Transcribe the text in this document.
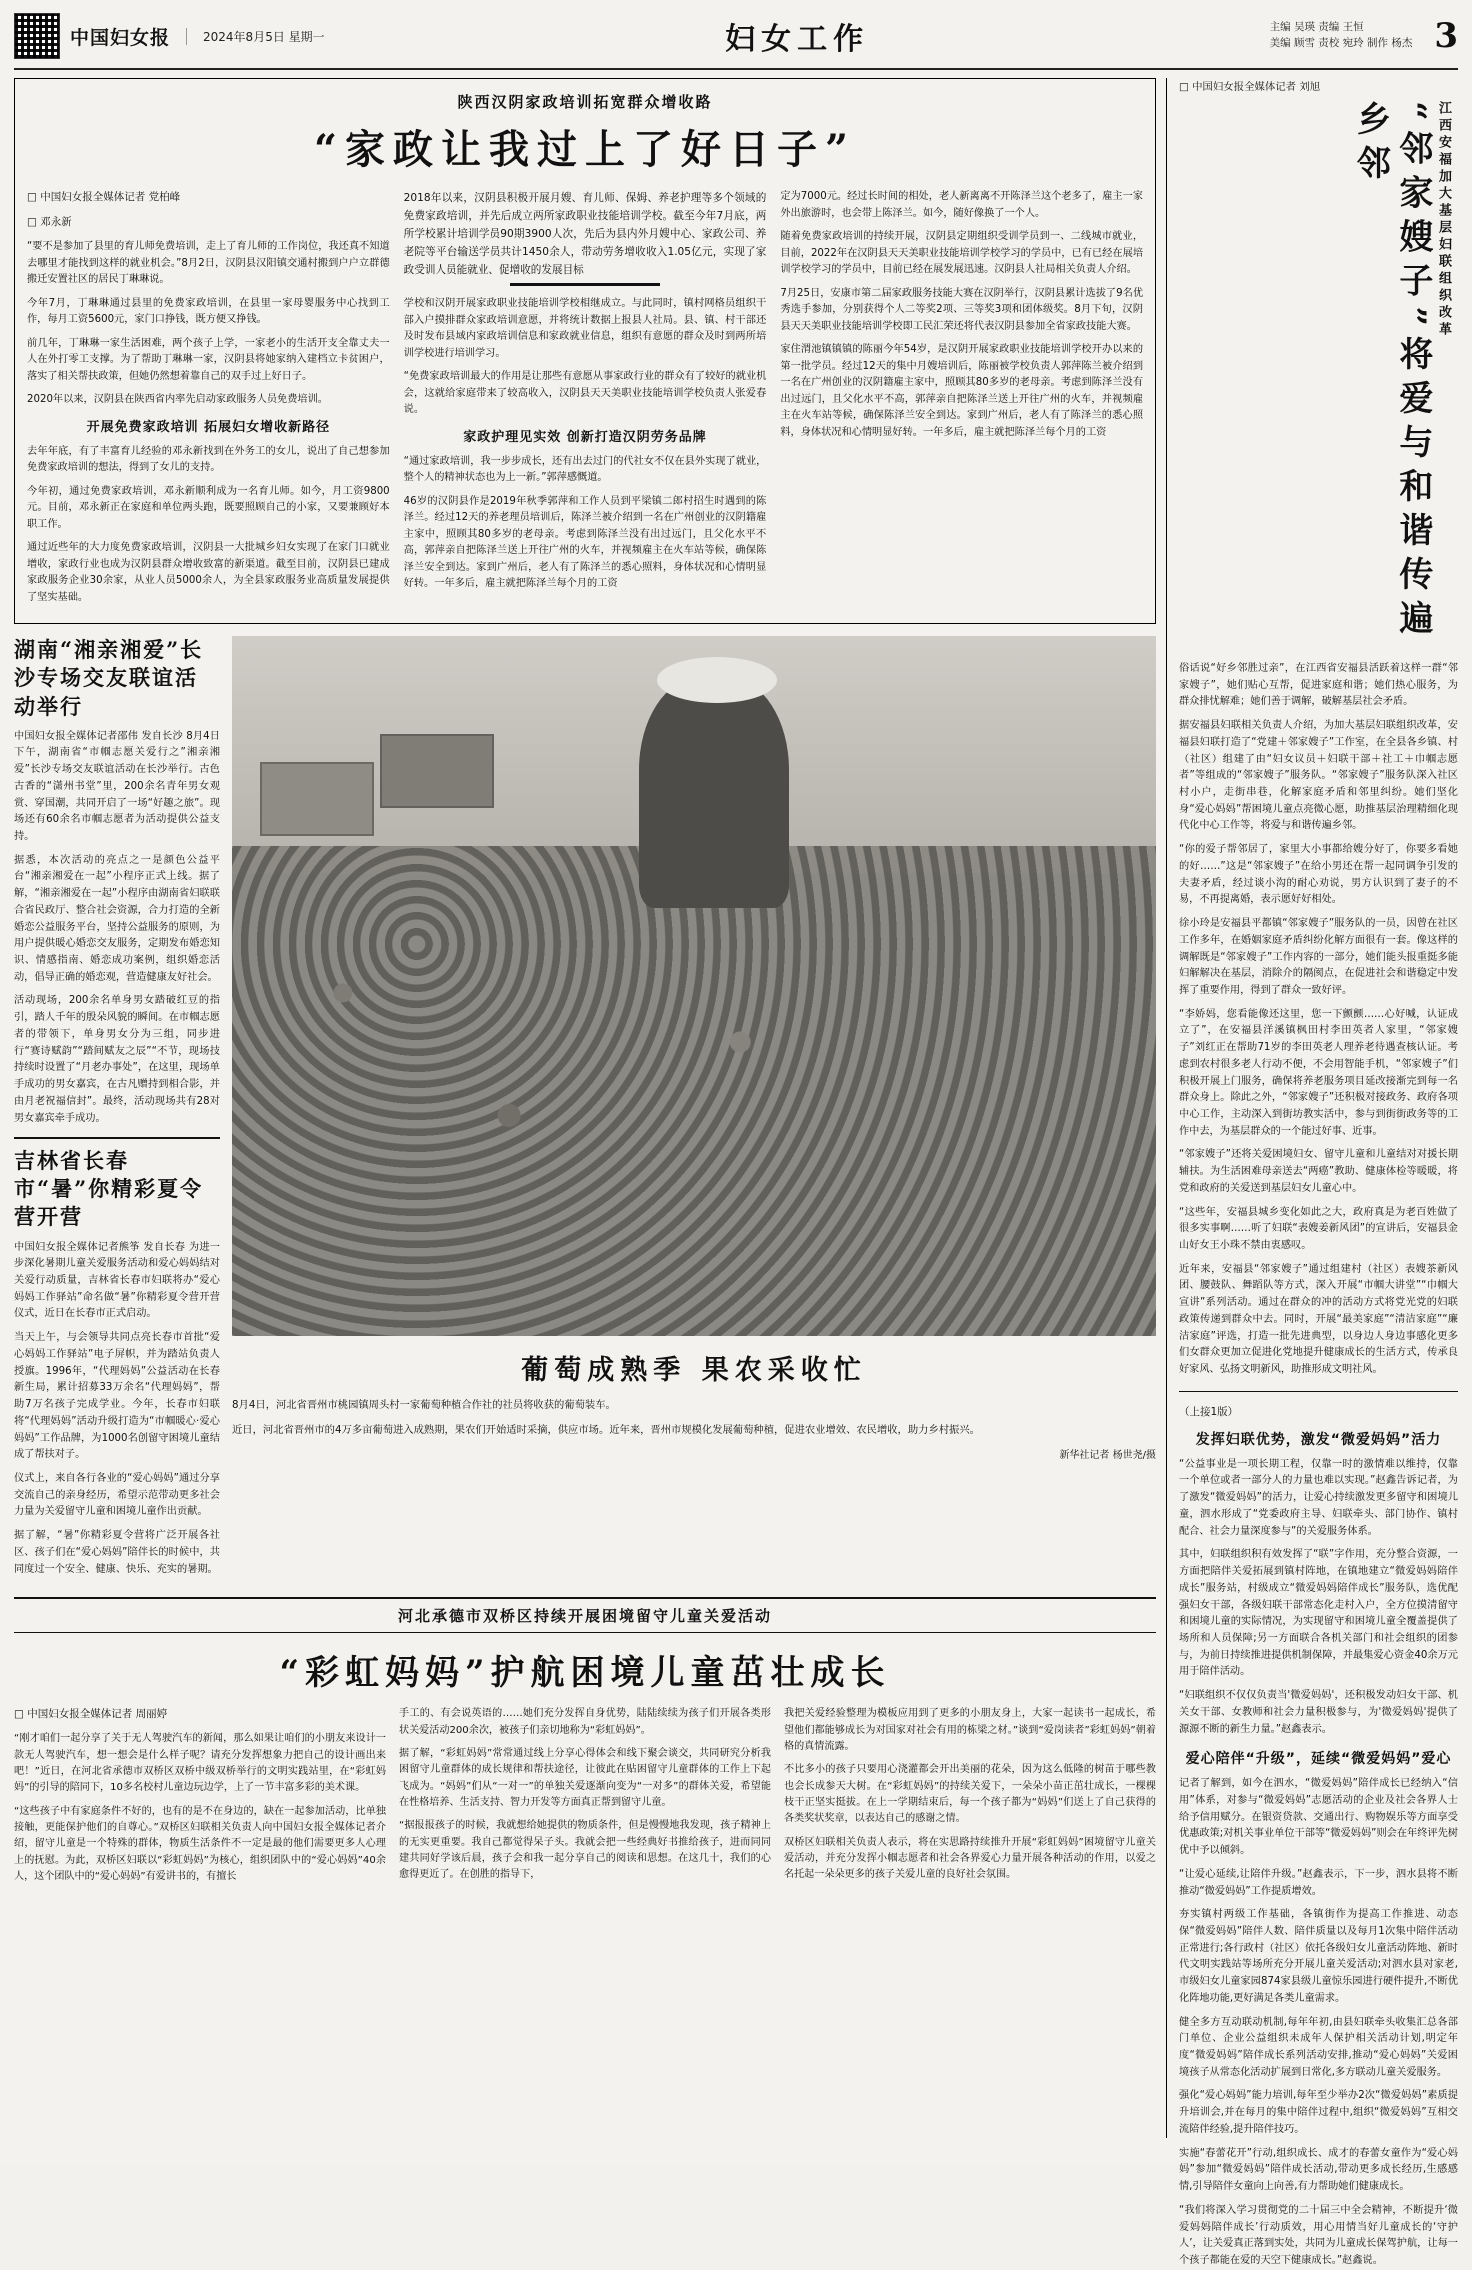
中国妇女报	2024年8月5日 星期一	妇女工作	主编 吴瑛 责编 王恒
美编 顾雪 责校 宛玲 制作 杨杰 3
陕西汉阴家政培训拓宽群众增收路
“家政让我过上了好日子”
□ 中国妇女报全媒体记者 党柏峰
□ 邓永新

“要不是参加了县里的育儿师免费培训，走上了育儿师的工作岗位，我还真不知道去哪里才能找到这样的就业机会。”8月2日，汉阴县汉阳镇交通村搬到户户立群德搬迁安置社区的居民丁琳琳说。

今年7月，丁琳琳通过县里的免费家政培训，在县里一家母婴服务中心找到工作，每月工资5600元，家门口挣钱，既方便又挣钱。

前几年，丁琳琳一家生活困难，两个孩子上学，一家老小的生活开支全靠丈夫一人在外打零工支撑。为了帮助丁琳琳一家，汉阴县将她家纳入建档立卡贫困户，落实了相关帮扶政策，但她仍然想着靠自己的双手过上好日子。

2020年以来，汉阴县在陕西省内率先启动家政服务人员免费培训。

开展免费家政培训 拓展妇女增收新路径

去年年底，有了丰富育儿经验的邓永新找到在外务工的女儿，说出了自己想参加免费家政培训的想法，得到了女儿的支持。

今年初，通过免费家政培训，邓永新顺利成为一名育儿师。如今，月工资9800元。目前，邓永新正在家庭和单位两头跑，既要照顾自己的小家，又要兼顾好本职工作。

通过近些年的大力度免费家政培训，汉阴县一大批城乡妇女实现了在家门口就业增收，家政行业也成为汉阴县群众增收致富的新渠道。截至目前，汉阴县已建成家政服务企业30余家，从业人员5000余人，为全县家政服务业高质量发展提供了坚实基础。

2018年以来，汉阴县积极开展月嫂、育儿师、保姆、养老护理等多个领域的免费家政培训，并先后成立两所家政职业技能培训学校。截至今年7月底，两所学校累计培训学员90期3900人次，先后为县内外月嫂中心、家政公司、养老院等平台输送学员共计1450余人，带动劳务增收收入1.05亿元，实现了家政受训人员能就业、促增收的发展目标

学校和汉阴开展家政职业技能培训学校相继成立。与此同时，镇村网格员组织干部入户摸排群众家政培训意愿，并将统计数据上报县人社局。县、镇、村干部还及时发布县域内家政培训信息和家政就业信息，组织有意愿的群众及时到两所培训学校进行培训学习。

“免费家政培训最大的作用是让那些有意愿从事家政行业的群众有了较好的就业机会，这就给家庭带来了较高收入，汉阴县天天美职业技能培训学校负责人张爱春说。

家政护理见实效 创新打造汉阴劳务品牌

“通过家政培训，我一步步成长，还有出去过门的代社女不仅在县外实现了就业，整个人的精神状态也为上一新。”郭萍感慨道。

46岁的汉阴县作是2019年秋季郭萍和工作人员到平梁镇二郎村招生时遇到的陈泽兰。经过12天的养老理员培训后，陈泽兰被介绍到一名在广州创业的汉阴籍雇主家中，照顾其80多岁的老母亲。考虑到陈泽兰没有出过远门，且父化水平不高，郭萍亲自把陈泽兰送上开往广州的火车，并视频雇主在火车站等候，确保陈泽兰安全到达。家到广州后，老人有了陈泽兰的悉心照料，身体状况和心情明显好转。一年多后，雇主就把陈泽兰每个月的工资

定为7000元。经过长时间的相处，老人新离离不开陈泽兰这个老多了，雇主一家外出旅游时，也会带上陈泽兰。如今，随好像换了一个人。

随着免费家政培训的持续开展，汉阴县定期组织受训学员到一、二线城市就业，目前，2022年在汉阴县天天美职业技能培训学校学习的学员中，已有已经在展培训学校学习的学员中，目前已经在展发展迅速。汉阴县人社局相关负责人介绍。

7月25日，安康市第二届家政服务技能大赛在汉阴举行，汉阴县累计选拔了9名优秀选手参加，分别获得个人二等奖2项、三等奖3项和团体级奖。8月下旬，汉阴县天天美职业技能培训学校即工民汇荣还将代表汉阴县参加全省家政技能大赛。

家住渭池镇镇镇的陈丽今年54岁，是汉阴开展家政职业技能培训学校开办以来的第一批学员。经过12天的集中月嫂培训后，陈丽被学校负责人郭萍陈兰被介绍到一名在广州创业的汉阴籍雇主家中，照顾其80多岁的老母亲。考虑到陈泽兰没有出过远门，且父化水平不高，郭萍亲自把陈泽兰送上开往广州的火车，并视频雇主在火车站等候，确保陈泽兰安全到达。家到广州后，老人有了陈泽兰的悉心照料，身体状况和心情明显好转。一年多后，雇主就把陈泽兰每个月的工资

湖南“湘亲湘爱”长沙专场交友联谊活动举行

中国妇女报全媒体记者邵伟 发自长沙 8月4日下午，湖南省“市帼志愿关爱行之”湘亲湘爱”长沙专场交友联谊活动在长沙举行。古色古香的“潇州书堂”里，200余名青年男女观赏、穿国潮，共同开启了一场“好趣之旅”。现场还有60余名市帼志愿者为活动提供公益支持。

据悉，本次活动的亮点之一是颜色公益平台“湘亲湘爱在一起”小程序正式上线。据了解，“湘亲湘爱在一起”小程序由湖南省妇联联合省民政厅、整合社会资源，合力打造的全新婚恋公益服务平台，坚持公益服务的原则，为用户提供暖心婚恋交友服务，定期发布婚恋知识、情感指南、婚恋成功案例，组织婚恋活动，倡导正确的婚恋观，营造健康友好社会。

活动现场，200余名单身男女踏破红豆的指引，踏人千年的殷朵风貌的瞬间。在市帼志愿者的带领下，单身男女分为三组，同步进行“赛诗赋韵”“踏间赋友之辰”“不节，现场技持续时设置了“月老办事处”，在这里，现场单手成功的男女嘉宾，在古凡赠持到相合影，并由月老祝福信封”。最终，活动现场共有28对男女嘉宾牵手成功。

吉林省长春市“暑”你精彩夏令营开营

中国妇女报全媒体记者熊筝 发自长春 为进一步深化暑期儿童关爱服务活动和爱心妈妈结对关爱行动质量，吉林省长春市妇联将办“爱心妈妈工作驿站”命名做“暑”你精彩夏令营开营仪式，近日在长春市正式启动。

当天上午，与会领导共同点亮长春市首批“爱心妈妈工作驿站”电子屏帜，并为踏站负责人授旗。1996年，“代理妈妈”公益活动在长春新生局，累计招募33万余名“代理妈妈”，帮助7万名孩子完成学业。今年，长春市妇联将“代理妈妈”活动升级打造为“市帼暖心·爱心妈妈”工作品牌，为1000名创留守困境儿童结成了帮扶对子。

仪式上，来自各行各业的“爱心妈妈”通过分享交流自己的亲身经历，希望示范带动更多社会力量为关爱留守儿童和困境儿童作出贡献。

据了解，“暑”你精彩夏令营将广泛开展各社区、孩子们在“爱心妈妈”陪伴长的时候中，共同度过一个安全、健康、快乐、充实的暑期。

葡萄成熟季 果农采收忙

8月4日，河北省晋州市桃园镇周头村一家葡萄种植合作社的社员将收获的葡萄装车。

近日，河北省晋州市的4万多亩葡萄进入成熟期，果农们开始适时采摘，供应市场。近年来，晋州市规模化发展葡萄种植，促进农业增效、农民增收，助力乡村振兴。

新华社记者 杨世尧/摄
河北承德市双桥区持续开展困境留守儿童关爱活动
“彩虹妈妈”护航困境儿童茁壮成长
□ 中国妇女报全媒体记者 周丽婷

“刚才咱们一起分享了关于无人驾驶汽车的新闻，那么如果让咱们的小朋友来设计一款无人驾驶汽车，想一想会是什么样子呢？请充分发挥想象力把自己的设计画出来吧！”近日，在河北省承德市双桥区双桥中级双桥举行的文明实践站里，在“彩虹妈妈”的引导的陪同下，10多名校村儿童边玩边学，上了一节丰富多彩的美术课。

“这些孩子中有家庭条件不好的，也有的是不在身边的，缺在一起参加活动，比单独接触，更能保护他们的自尊心。”双桥区妇联相关负责人向中国妇女报全媒体记者介绍，留守儿童是一个特殊的群体，物质生活条件不一定是最的他们需要更多人心理上的抚慰。为此，双桥区妇联以“彩虹妈妈”为核心，组织团队中的“爱心妈妈”40余人，这个团队中的“爱心妈妈”有爱讲书的，有擅长

手工的、有会说英语的……她们充分发挥自身优势，陆陆续续为孩子们开展各类形状关爱活动200余次，被孩子们亲切地称为“彩虹妈妈”。

据了解，“彩虹妈妈”常常通过线上分享心得体会和线下聚会谈交，共同研究分析我困留守儿童群体的成长规律和帮扶途径，让彼此在贴困留守儿童群体的工作上下起飞成为。“妈妈”们从“一对一”的单独关爱逐渐向变为“一对多”的群体关爱，希望能在性格培养、生活支持、智力开发等方面真正帮到留守儿童。

“据报报孩子的时候，我就想给她提供的物质条件，但是慢慢地我发现，孩子精神上的无实更重要。我自己都觉得呆子头。我就会把一些经典好书推给孩子，进而同同建共同好学该后晨，孩子会和我一起分享自己的阅读和思想。在这几十，我们的心愈得更近了。在创胜的指导下，

我把关爱经验整理为模板应用到了更多的小朋友身上，大家一起读书一起成长，希望他们都能够成长为对国家对社会有用的栋梁之材。”谈到“爱岗读者”彩虹妈妈”朝着格的真情流露。

不比多小的孩子只要用心浇灌都会开出美丽的花朵，因为这么低隆的树苗于哪些教也会长成参天大树。在“彩虹妈妈”的持续关爱下，一朵朵小苗正茁壮成长，一棵棵枝干正坚实挺拔。在上一学期结束后，每一个孩子都为“妈妈”们送上了自己获得的各类奖状奖章，以表达自己的感谢之情。

双桥区妇联相关负责人表示，将在实思路持续推升开展“彩虹妈妈”困境留守儿童关爱活动，并充分发挥小帼志愿者和社会各界爱心力量开展各种活动的作用，以爱之名托起一朵朵更多的孩子关爱儿童的良好社会氛围。

□ 中国妇女报全媒体记者 刘旭
“邻家嫂子”将爱与和谐传遍乡邻	江西安福加大基层妇联组织改革

俗话说“好乡邻胜过亲”，在江西省安福县活跃着这样一群“邻家嫂子”，她们贴心互帮，促进家庭和谐；她们热心服务，为群众排忧解难；她们善于调解，破解基层社会矛盾。

据安福县妇联相关负责人介绍，为加大基层妇联组织改革，安福县妇联打造了“党建＋邻家嫂子”工作室，在全县各乡镇、村（社区）组建了由“妇女议员＋妇联干部＋社工＋巾帼志愿者”等组成的“邻家嫂子”服务队。“邻家嫂子”服务队深入社区村小户，走街串巷，化解家庭矛盾和邻里纠纷。她们坚化身“爱心妈妈”帮困境儿童点亮微心愿，助推基层治理精细化现代化中心工作等，将爱与和谐传遍乡邻。

“你的爱子帮邻居了，家里大小事都给嫂分好了，你要多看她的好……”这是“邻家嫂子”在给小男还在帮一起同调争引发的夫妻矛盾，经过谈小沟的耐心劝说，男方认识到了妻子的不易，不再提离婚，表示愿好好相处。

徐小玲是安福县平都镇“邻家嫂子”服务队的一员，因曾在社区工作多年，在婚姻家庭矛盾纠纷化解方面很有一套。像这样的调解既是“邻家嫂子”工作内容的一部分，她们能头报重挺多能妇解解决在基层，消除介的隔阂点，在促进社会和谐稳定中发挥了重要作用，得到了群众一致好评。

“李娇妈，您看能像还这里，您一下颤颤……心好喊，认证成立了”，在安福县洋溪镇枫田村李田英者人家里，“邻家嫂子”刘红正在帮助71岁的李田英老人理养老待遇查核认证。考虑到农村很多老人行动不便，不会用智能手机，“邻家嫂子”们积极开展上门服务，确保将养老服务项目延改接渐完到每一名群众身上。除此之外，“邻家嫂子”还积极对接政务、政府各项中心工作，主动深入到街坊教实活中，参与到街街政务等的工作中去，为基层群众的一个能过好事、近事。

“邻家嫂子”还将关爱困境妇女、留守儿童和儿童结对对援长期辅扶。为生活困难母亲送去“两癌”教助、健康体检等暖暖，将党和政府的关爱送到基层妇女儿童心中。

“这些年，安福县城乡变化如此之大，政府真是为老百姓做了很多实事啊……听了妇联“表嫂姜新风团”的宣讲后，安福县金山好女王小珠不禁由衷感叹。

近年来，安福县“邻家嫂子”通过组建村（社区）表嫂茶新风团、腰鼓队、舞蹈队等方式，深入开展“市帼大讲堂”“巾帼大宣讲”系列活动。通过在群众的冲的活动方式将党光党的妇联政策传递到群众中去。同时，开展“最美家庭”“清洁家庭”“廉洁家庭”评选，打造一批先进典型，以身边人身边事感化更多们女群众更加立促进化党地提升健康成长的生活方式，传承良好家风、弘扬文明新风，助推形成文明社风。

（上接1版）
发挥妇联优势，激发“微爱妈妈”活力

“公益事业是一项长期工程，仅靠一时的激情难以维持，仅靠一个单位或者一部分人的力量也难以实现。”赵鑫告诉记者，为了激发“微爱妈妈”的活力，让爱心持续激发更多留守和困境儿童，泗水形成了“党委政府主导、妇联牵头、部门协作、镇村配合、社会力量深度参与”的关爱服务体系。

其中，妇联组织积有效发挥了“联”字作用，充分整合资源，一方面把陪伴关爱拓展到镇村阵地，在镇地建立“微爱妈妈陪伴成长”服务站，村级成立“微爱妈妈陪伴成长”服务队，选优配强妇女干部，各级妇联干部常态化走村入户，全方位摸清留守和困境儿童的实际情况，为实现留守和困境儿童全覆盖提供了场所和人员保障;另一方面联合各机关部门和社会组织的团参与，为前日持续推进提供机制保障，并最集爱心资金40余万元用于陪伴活动。

“妇联组织不仅仅负责当'微爱妈妈'，还积极发动妇女干部、机关女干部、女教师和社会力量积极参与，为'微爱妈妈'提供了源源不断的新生力量。”赵鑫表示。

爱心陪伴“升级”，延续“微爱妈妈”爱心

记者了解到，如今在泗水，“微爱妈妈”陪伴成长已经纳入“信用”体系，对参与“微爱妈妈”志愿活动的企业及社会各界人士给予信用赋分。在银资贷款、交通出行、购物娱乐等方面享受优惠政策;对机关事业单位干部等“微爱妈妈”则会在年终评先树优中予以倾斜。

“让爱心延续,让陪伴升级。”赵鑫表示，下一步，泗水县将不断推动“微爱妈妈”工作提质增效。

夯实镇村两级工作基础，各镇街作为提高工作推进、动态保“微爱妈妈”陪伴人数、陪伴质量以及每月1次集中陪伴活动正常进行;各行政村（社区）依托各级妇女儿童活动阵地、新时代文明实践站等场所充分开展儿童关爱活动;对泗水县对家老,市级妇女儿童家园874家县级儿童惊乐园进行硬件提升,不断优化阵地功能,更好满足各类儿童需求。

健全多方互动联动机制,每年年初,由县妇联牵头收集汇总各部门单位、企业公益组织未成年人保护相关活动计划,明定年度“微爱妈妈”陪伴成长系列活动安排,推动“爱心妈妈”关爱困境孩子从常态化活动扩展到日常化,多方联动儿童关爱服务。

强化“爱心妈妈”能力培训,每年至少举办2次“微爱妈妈”素质提升培训会,并在每月的集中陪伴过程中,组织“微爱妈妈”互相交流陪伴经验,提升陪伴技巧。

实施“春蕾花开”行动,组织成长、成才的春蕾女童作为“爱心妈妈”参加“微爱妈妈”陪伴成长活动,带动更多成长经历,生感感情,引导陪伴女童向上向善,有力帮助她们健康成长。

“我们将深入学习贯彻党的二十届三中全会精神，不断提升‘微爱妈妈陪伴成长’行动质效，用心用情当好儿童成长的‘守护人’，让关爱真正落到实处，共同为儿童成长保驾护航，让每一个孩子都能在爱的天空下健康成长。”赵鑫说。
